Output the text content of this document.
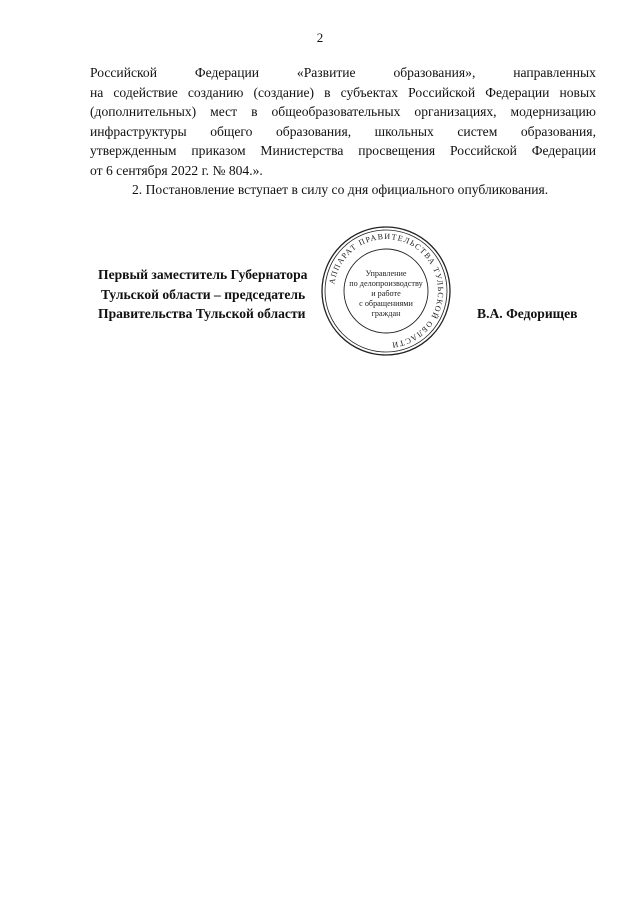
2
Российской	Федерации	«Развитие	образования»,	направленных
на содействие созданию (создание) в субъектах Российской Федерации новых
(дополнительных) мест в общеобразовательных организациях, модернизацию
инфраструктуры общего образования, школьных систем образования,
утвержденным приказом Министерства просвещения Российской Федерации
от 6 сентября 2022 г. № 804.».
2. Постановление вступает в силу со дня официального опубликования.
Первый заместитель Губернатора
Тульской области – председатель
Правительства Тульской области
АППАРАТ ПРАВИТЕЛЬСТВА ТУЛЬСКОЙ ОБЛАСТИ
Управление
по делопроизводству
и работе
с обращениями
граждан	В.А. Федорищев
